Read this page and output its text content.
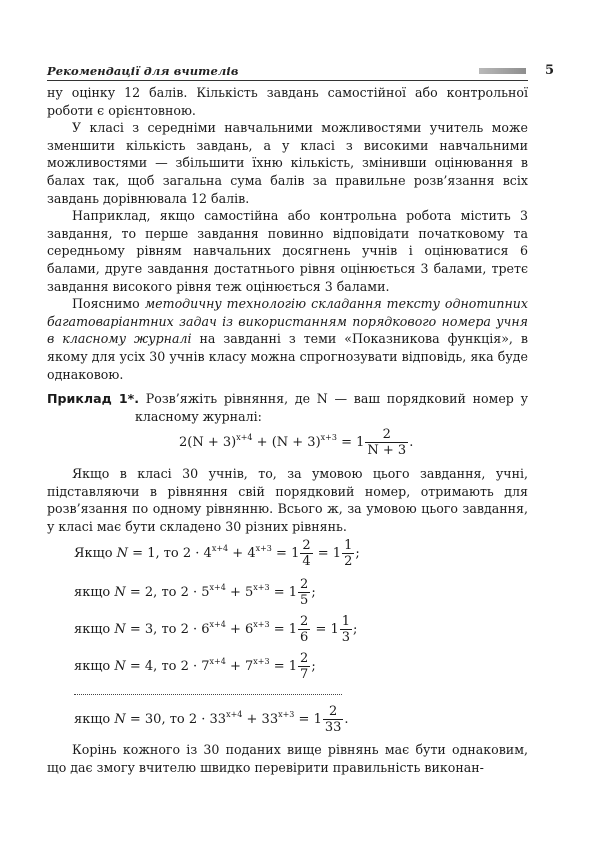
Рекомендації для вчителів	5

ну оцінку 12 балів. Кількість завдань самостійної або контрольної роботи є орієнтовною.

У класі з середніми навчальними можливостями учитель може зменшити кількість завдань, а у класі з високими навчальними можливостями — збільшити їхню кількість, змінивши оцінювання в балах так, щоб загальна сума балів за правильне розв’язання всіх завдань дорівнювала 12 балів.

Наприклад, якщо самостійна або контрольна робота містить 3 завдання, то перше завдання повинно відповідати початковому та середньому рівням навчальних досягнень учнів і оцінюватися 6 балами, друге завдання достатнього рівня оцінюється 3 балами, третє завдання високого рівня теж оцінюється 3 балами.

Пояснимо методичну технологію складання тексту однотипних багатоваріантних задач із використанням порядкового номера учня в класному журналі на завданні з теми «Показникова функція», в якому для усіх 30 учнів класу можна спрогнозувати відповідь, яка буде однаковою.

Приклад 1*. Розв’яжіть рівняння, де N — ваш порядковий номер у класному журналі:

$2(N + 3)^{x+4} + (N + 3)^{x+3} = 1 \frac{2}{N + 3}$ .

Якщо в класі 30 учнів, то, за умовою цього завдання, учні, підставляючи в рівняння свій порядковий номер, отримають для розв’язання по одному рівнянню. Всього ж, за умовою цього завдання, у класі має бути складено 30 різних рівнянь.

Якщо N = 1, то $2 \cdot 4^{x+4} + 4^{x+3} = 1 \frac{2}{4} = 1 \frac{1}{2}$ ;
якщо N = 2, то $2 \cdot 5^{x+4} + 5^{x+3} = 1 \frac{2}{5}$ ;
якщо N = 3, то $2 \cdot 6^{x+4} + 6^{x+3} = 1 \frac{2}{6} = 1 \frac{1}{3}$ ;
якщо N = 4, то $2 \cdot 7^{x+4} + 7^{x+3} = 1 \frac{2}{7}$ ;
якщо N = 30, то $2 \cdot 33^{x+4} + 33^{x+3} = 1 \frac{2}{33}$ .

Корінь кожного із 30 поданих вище рівнянь має бути однаковим, що дає змогу вчителю швидко перевірити правильність виконан-
